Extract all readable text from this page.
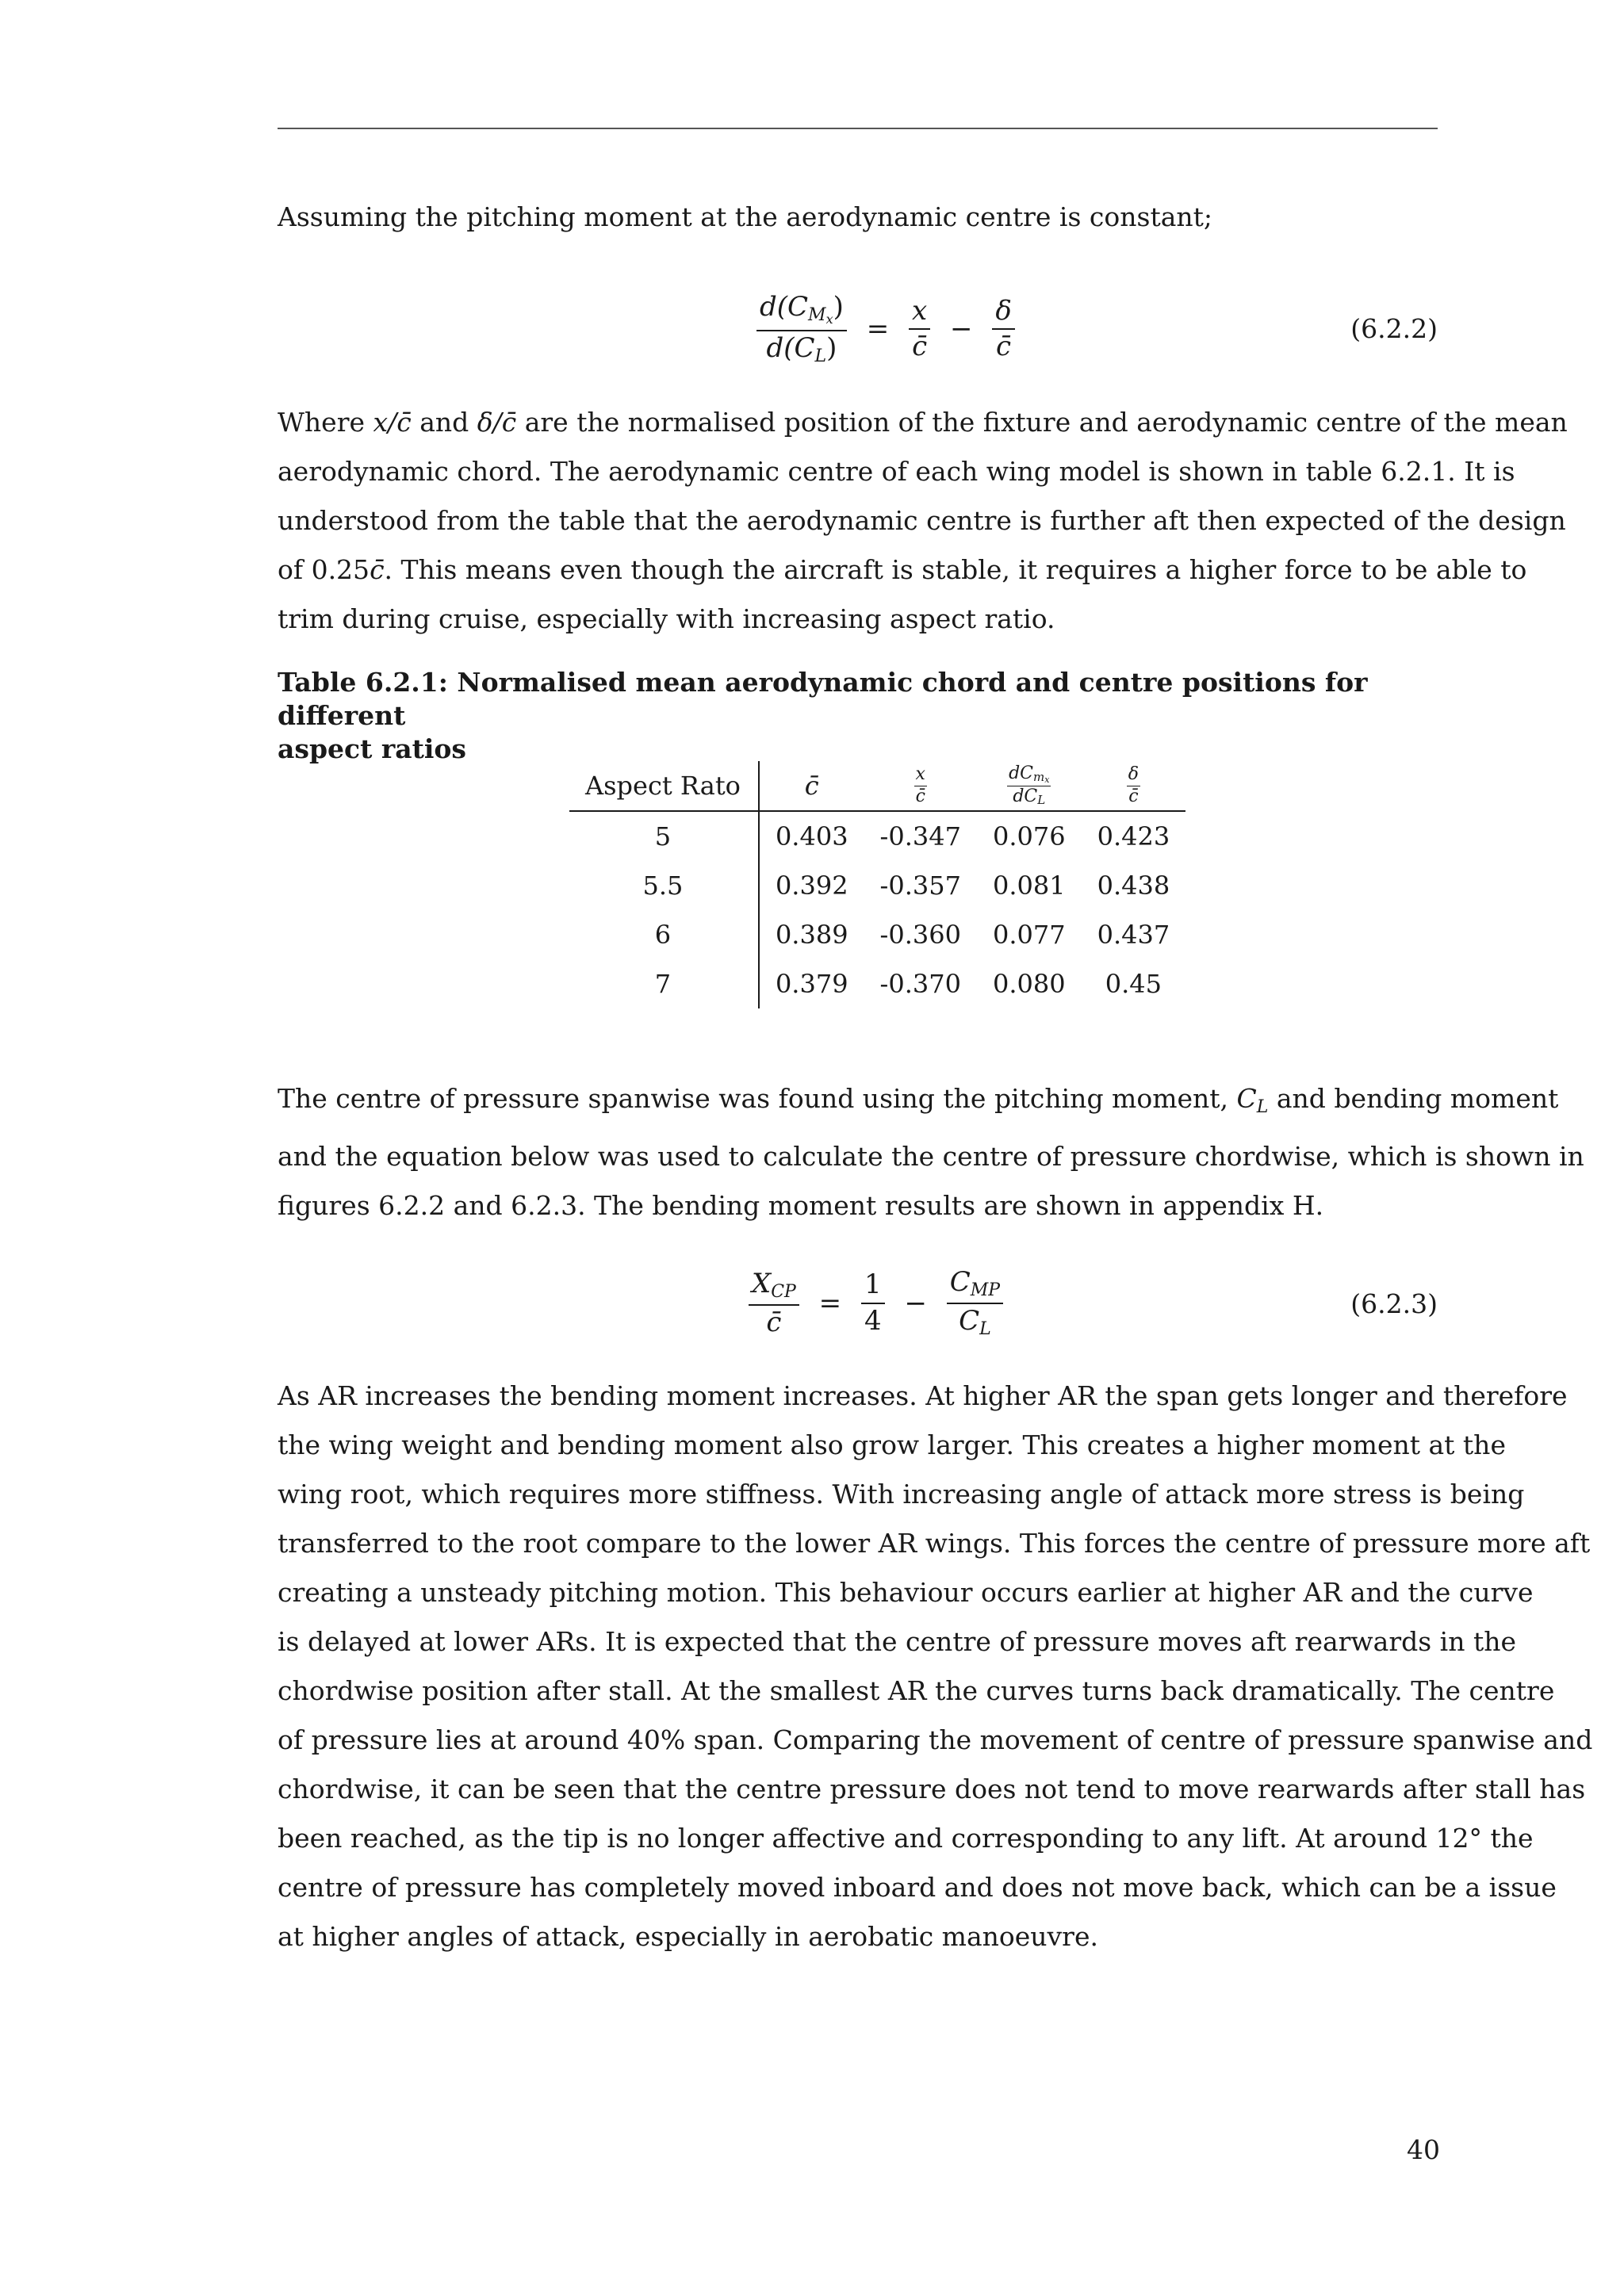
Assuming the pitching moment at the aerodynamic centre is constant;
$\frac{d(C_{M_x})}{d(C_L)} = \frac{x}{c̄} - \frac{\delta}{c̄}$	(6.2.2)
Where x/c̄ and δ/c̄ are the normalised position of the fixture and aerodynamic centre of the mean
aerodynamic chord. The aerodynamic centre of each wing model is shown in table 6.2.1. It is
understood from the table that the aerodynamic centre is further aft then expected of the design
of 0.25c̄. This means even though the aircraft is stable, it requires a higher force to be able to
trim during cruise, especially with increasing aspect ratio.
Table 6.2.1: Normalised mean aerodynamic chord and centre positions for different
aspect ratios
Aspect Rato	c̄	$\frac{x}{c̄}$	$\frac{dC_{m_x}}{dC_L}$	$\frac{\delta}{c̄}$

5	0.403	-0.347	0.076	0.423
5.5	0.392	-0.357	0.081	0.438
6	0.389	-0.360	0.077	0.437
7	0.379	-0.370	0.080	0.45
The centre of pressure spanwise was found using the pitching moment, $C_L$ and bending moment
and the equation below was used to calculate the centre of pressure chordwise, which is shown in
figures 6.2.2 and 6.2.3. The bending moment results are shown in appendix H.
$\frac{X_{CP}}{c̄} = \frac{1}{4} - \frac{C_{MP}}{C_L}$	(6.2.3)
As AR increases the bending moment increases. At higher AR the span gets longer and therefore
the wing weight and bending moment also grow larger. This creates a higher moment at the
wing root, which requires more stiffness. With increasing angle of attack more stress is being
transferred to the root compare to the lower AR wings. This forces the centre of pressure more aft
creating a unsteady pitching motion. This behaviour occurs earlier at higher AR and the curve
is delayed at lower ARs. It is expected that the centre of pressure moves aft rearwards in the
chordwise position after stall. At the smallest AR the curves turns back dramatically. The centre
of pressure lies at around 40% span. Comparing the movement of centre of pressure spanwise and
chordwise, it can be seen that the centre pressure does not tend to move rearwards after stall has
been reached, as the tip is no longer affective and corresponding to any lift. At around 12° the
centre of pressure has completely moved inboard and does not move back, which can be a issue
at higher angles of attack, especially in aerobatic manoeuvre.
40
